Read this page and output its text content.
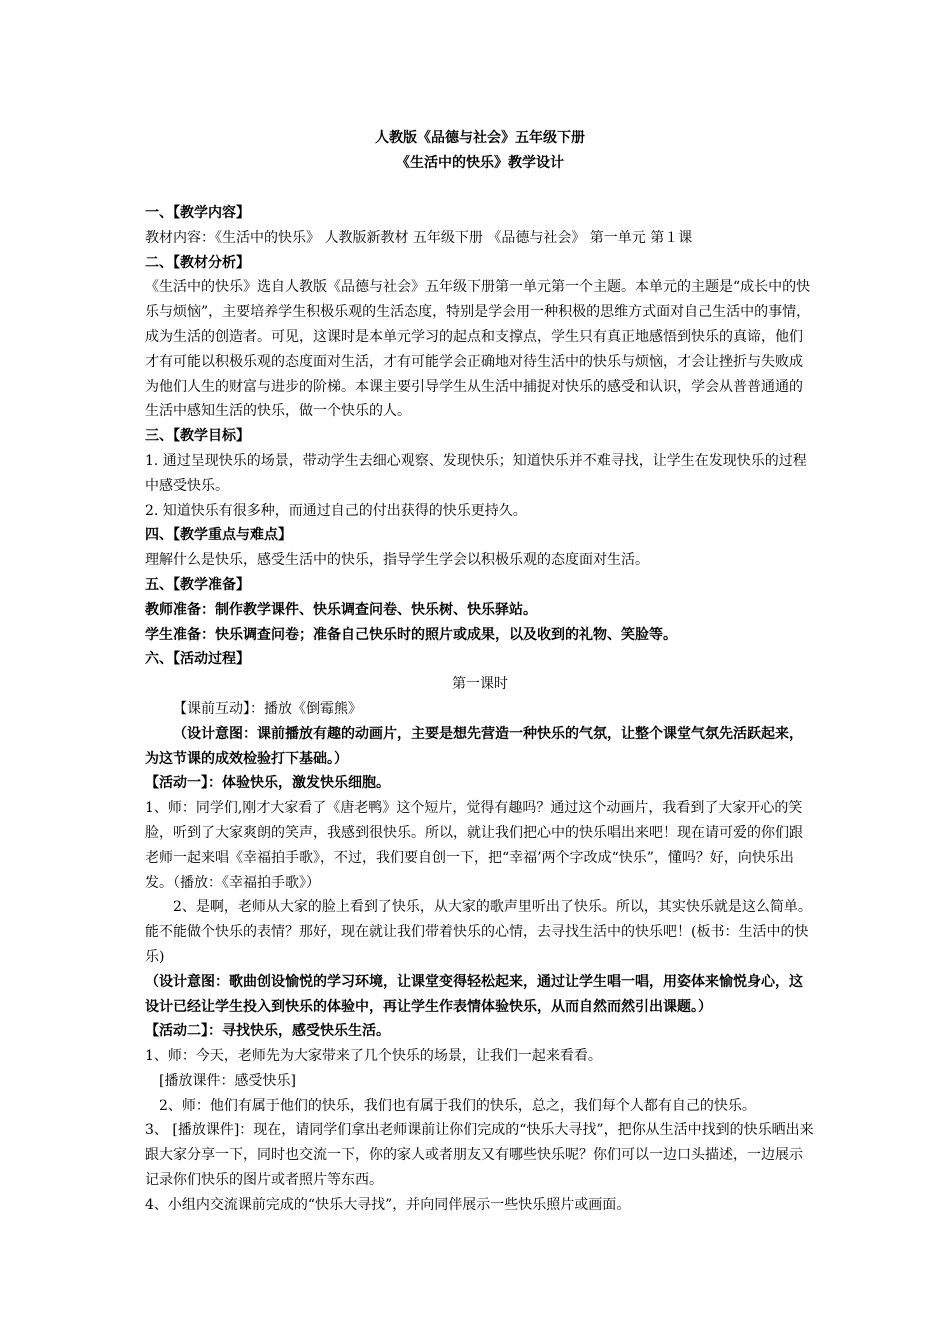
人教版《品德与社会》五年级下册
《生活中的快乐》教学设计

一、【教学内容】

教材内容：《生活中的快乐》 人教版新教材 五年级下册 《品德与社会》 第一单元 第１课

二、【教材分析】

《生活中的快乐》选自人教版《品德与社会》五年级下册第一单元第一个主题。本单元的主题是“成长中的快乐与烦恼”，主要培养学生积极乐观的生活态度，特别是学会用一种积极的思维方式面对自己生活中的事情，成为生活的创造者。可见，这课时是本单元学习的起点和支撑点，学生只有真正地感悟到快乐的真谛，他们才有可能以积极乐观的态度面对生活，才有可能学会正确地对待生活中的快乐与烦恼，才会让挫折与失败成为他们人生的财富与进步的阶梯。本课主要引导学生从生活中捕捉对快乐的感受和认识，学会从普普通通的生活中感知生活的快乐，做一个快乐的人。

三、【教学目标】

1. 通过呈现快乐的场景，带动学生去细心观察、发现快乐；知道快乐并不难寻找，让学生在发现快乐的过程中感受快乐。

2. 知道快乐有很多种，而通过自己的付出获得的快乐更持久。

四、【教学重点与难点】

理解什么是快乐，感受生活中的快乐，指导学生学会以积极乐观的态度面对生活。

五、【教学准备】

教师准备：制作教学课件、快乐调查问卷、快乐树、快乐驿站。

学生准备：快乐调查问卷；准备自己快乐时的照片或成果，以及收到的礼物、笑脸等。

六、【活动过程】

第一课时

【课前互动】：播放《倒霉熊》

（设计意图：课前播放有趣的动画片，主要是想先营造一种快乐的气氛，让整个课堂气氛先活跃起来，为这节课的成效检验打下基础。）

【活动一】：体验快乐，激发快乐细胞。

1、师：同学们,刚才大家看了《唐老鸭》这个短片，觉得有趣吗？通过这个动画片，我看到了大家开心的笑脸，听到了大家爽朗的笑声，我感到很快乐。所以，就让我们把心中的快乐唱出来吧！现在请可爱的你们跟老师一起来唱《幸福拍手歌》，不过，我们要自创一下，把“幸福’两个字改成“快乐”，懂吗？好，向快乐出发。（播放：《幸福拍手歌》）

2、是啊，老师从大家的脸上看到了快乐，从大家的歌声里听出了快乐。所以，其实快乐就是这么简单。能不能做个快乐的表情？那好，现在就让我们带着快乐的心情，去寻找生活中的快乐吧！(板书：生活中的快乐)

（设计意图：歌曲创设愉悦的学习环境，让课堂变得轻松起来，通过让学生唱一唱，用姿体来愉悦身心，这设计已经让学生投入到快乐的体验中，再让学生作表情体验快乐，从而自然而然引出课题。）

【活动二】：寻找快乐，感受快乐生活。

1、师：今天，老师先为大家带来了几个快乐的场景，让我们一起来看看。

[播放课件：感受快乐]

2、师：他们有属于他们的快乐，我们也有属于我们的快乐，总之，我们每个人都有自己的快乐。

3、 [播放课件]：现在，请同学们拿出老师课前让你们完成的“快乐大寻找”，把你从生活中找到的快乐晒出来跟大家分享一下，同时也交流一下，你的家人或者朋友又有哪些快乐呢？你们可以一边口头描述，一边展示记录你们快乐的图片或者照片等东西。

4、小组内交流课前完成的“快乐大寻找”，并向同伴展示一些快乐照片或画面。
